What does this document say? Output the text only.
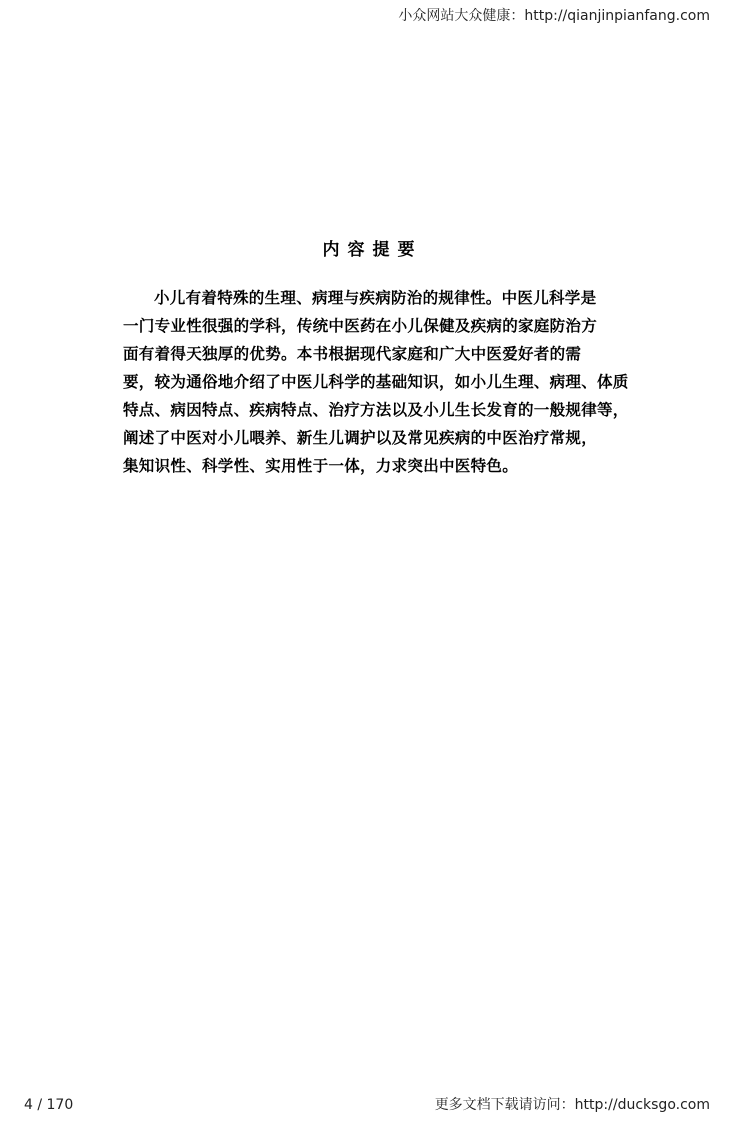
小众网站大众健康：http://qianjinpianfang.com
内容提要
小儿有着特殊的生理、病理与疾病防治的规律性。中医儿科学是
一门专业性很强的学科，传统中医药在小儿保健及疾病的家庭防治方
面有着得天独厚的优势。本书根据现代家庭和广大中医爱好者的需
要，较为通俗地介绍了中医儿科学的基础知识，如小儿生理、病理、体质
特点、病因特点、疾病特点、治疗方法以及小儿生长发育的一般规律等，
阐述了中医对小儿喂养、新生儿调护以及常见疾病的中医治疗常规，
集知识性、科学性、实用性于一体，力求突出中医特色。
4 / 170	更多文档下载请访问：http://ducksgo.com
